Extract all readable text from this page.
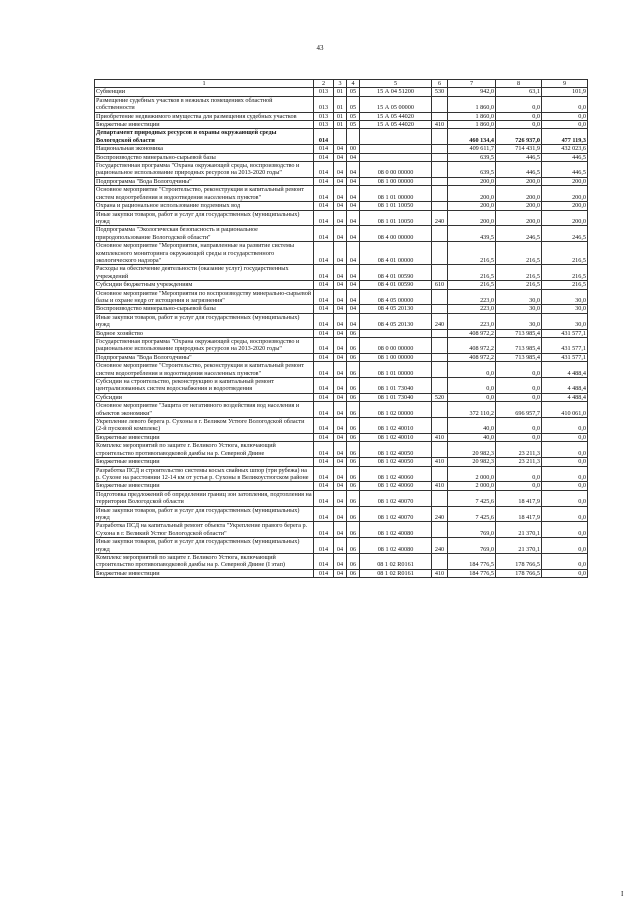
43
1	2	3	4	5	6	7	8	9
Субвенции	013	01	05	15 А 04 51200	530	942,0	63,1	101,9
Размещение судебных участков в нежилых помещениях областной собственности	013	01	05	15 А 05 00000		1 860,0	0,0	0,0
Приобретение недвижимого имущества для размещения судебных участков	013	01	05	15 А 05 44020		1 860,0	0,0	0,0
Бюджетные инвестиции	013	01	05	15 А 05 44020	410	1 860,0	0,0	0,0
Департамент природных ресурсов и охраны окружающей среды Вологодской области	014					460 134,4	726 937,0	477 119,3
Национальная экономика	014	04	00			409 611,7	714 431,9	432 023,6
Воспроизводство минерально-сырьевой базы	014	04	04			639,5	446,5	446,5
Государственная программа "Охрана окружающей среды, воспроизводство и рациональное использование природных ресурсов на 2013-2020 годы"	014	04	04	08 0 00 00000		639,5	446,5	446,5
Подпрограмма "Вода Вологодчины"	014	04	04	08 1 00 00000		200,0	200,0	200,0
Основное мероприятие "Строительство, реконструкция и капитальный ремонт систем водоотребления и водоотведения населенных пунктов"	014	04	04	08 1 01 00000		200,0	200,0	200,0
Охрана и рациональное использование подземных вод	014	04	04	08 1 01 10050		200,0	200,0	200,0
Иные закупки товаров, работ и услуг для государственных (муниципальных) нужд	014	04	04	08 1 01 10050	240	200,0	200,0	200,0
Подпрограмма "Экологическая безопасность и рациональное природопользование Вологодской области"	014	04	04	08 4 00 00000		439,5	246,5	246,5
Основное мероприятие "Мероприятия, направленные на развитие системы комплексного мониторинга окружающей среды и государственного экологического надзора"	014	04	04	08 4 01 00000		216,5	216,5	216,5
Расходы на обеспечение деятельности (оказание услуг) государственных учреждений	014	04	04	08 4 01 00590		216,5	216,5	216,5
Субсидии бюджетным учреждениям	014	04	04	08 4 01 00590	610	216,5	216,5	216,5
Основное мероприятие "Мероприятия по воспроизводству минерально-сырьевой базы и охране недр от истощения и загрязнения"	014	04	04	08 4 05 00000		223,0	30,0	30,0
Воспроизводство минерально-сырьевой базы	014	04	04	08 4 05 20130		223,0	30,0	30,0
Иные закупки товаров, работ и услуг для государственных (муниципальных) нужд	014	04	04	08 4 05 20130	240	223,0	30,0	30,0
Водное хозяйство	014	04	06			408 972,2	713 985,4	431 577,1
Государственная программа "Охрана окружающей среды, воспроизводство и рациональное использование природных ресурсов на 2013-2020 годы"	014	04	06	08 0 00 00000		408 972,2	713 985,4	431 577,1
Подпрограмма "Вода Вологодчины"	014	04	06	08 1 00 00000		408 972,2	713 985,4	431 577,1
Основное мероприятие "Строительство, реконструкция и капитальный ремонт систем водоотребления и водоотведения населенных пунктов"	014	04	06	08 1 01 00000		0,0	0,0	4 488,4
Субсидии на строительство, реконструкцию и капитальный ремонт централизованных систем водоснабжения и водоотведения	014	04	06	08 1 01 73040		0,0	0,0	4 488,4
Субсидии	014	04	06	08 1 01 73040	520	0,0	0,0	4 488,4
Основное мероприятие "Защита от негативного воздействия вод населения и объектов экономики"	014	04	06	08 1 02 00000		372 110,2	696 957,7	410 061,0
Укрепление левого берега р. Сухоны в г. Великом Устюге Вологодской области (2-й пусковой комплекс)	014	04	06	08 1 02 40010		40,0	0,0	0,0
Бюджетные инвестиции	014	04	06	08 1 02 40010	410	40,0	0,0	0,0
Комплекс мероприятий по защите г. Великого Устюга, включающий строительство противопаводковой дамбы на р. Северной Двине	014	04	06	08 1 02 40050		20 982,3	23 211,3	0,0
Бюджетные инвестиции	014	04	06	08 1 02 40050	410	20 982,3	23 211,3	0,0
Разработка ПСД и строительство системы косых свайных шпор (три рубежа) на р. Сухоне на расстоянии 12-14 км от устья р. Сухоны в Великоустюгском районе	014	04	06	08 1 02 40060		2 000,0	0,0	0,0
Бюджетные инвестиции	014	04	06	08 1 02 40060	410	2 000,0	0,0	0,0
Подготовка предложений об определении границ зон затопления, подтопления на территории Вологодской области	014	04	06	08 1 02 40070		7 425,6	18 417,9	0,0
Иные закупки товаров, работ и услуг для государственных (муниципальных) нужд	014	04	06	08 1 02 40070	240	7 425,6	18 417,9	0,0
Разработка ПСД на капитальный ремонт объекта "Укрепление правого берега р. Сухона в г. Великий Устюг Вологодской области"	014	04	06	08 1 02 40080		769,0	21 370,1	0,0
Иные закупки товаров, работ и услуг для государственных (муниципальных) нужд	014	04	06	08 1 02 40080	240	769,0	21 370,1	0,0
Комплекс мероприятий по защите г. Великого Устюга, включающий строительство противопаводковой дамбы на р. Северной Двине (I этап)	014	04	06	08 1 02 R0161		184 776,5	178 766,5	0,0
Бюджетные инвестиции	014	04	06	08 1 02 R0161	410	184 776,5	178 766,5	0,0
I
